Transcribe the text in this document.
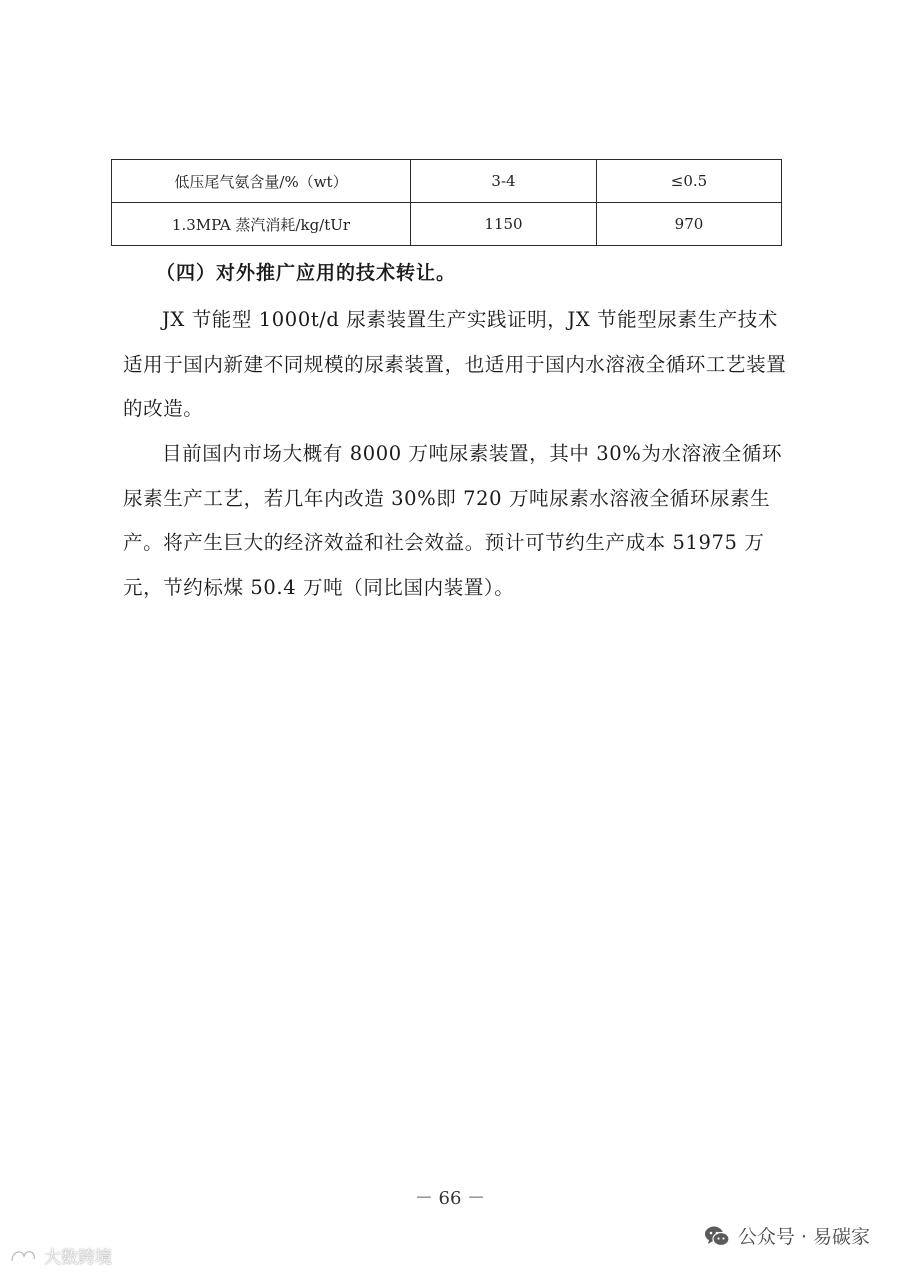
低压尾气氨含量/%（wt）	3-4	≤0.5
1.3MPA 蒸汽消耗/kg/tUr	1150	970
（四）对外推广应用的技术转让。

JX 节能型 1000t/d 尿素装置生产实践证明，JX 节能型尿素生产技术适用于国内新建不同规模的尿素装置，也适用于国内水溶液全循环工艺装置的改造。

目前国内市场大概有 8000 万吨尿素装置，其中 30%为水溶液全循环尿素生产工艺，若几年内改造 30%即 720 万吨尿素水溶液全循环尿素生产。将产生巨大的经济效益和社会效益。预计可节约生产成本 51975 万元，节约标煤 50.4 万吨（同比国内装置）。

－ 66 －
大数跨境
公众号 · 易碳家
